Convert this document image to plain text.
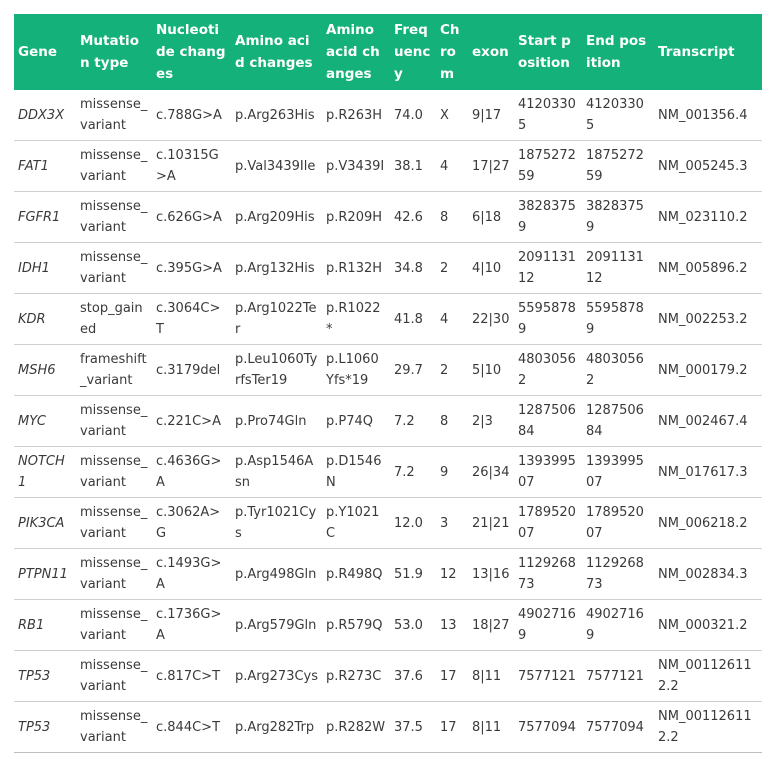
Gene	Mutation type	Nucleotide changes	Amino acid changes	Amino acid changes	Frequency	Chrom	exon	Start position	End position	Transcript

DDX3X	missense_variant	c.788G>A	p.Arg263His	p.R263H	74.0	X	9|17	41203305	41203305	NM_001356.4
FAT1	missense_variant	c.10315G>A	p.Val3439Ile	p.V3439I	38.1	4	17|27	187527259	187527259	NM_005245.3
FGFR1	missense_variant	c.626G>A	p.Arg209His	p.R209H	42.6	8	6|18	38283759	38283759	NM_023110.2
IDH1	missense_variant	c.395G>A	p.Arg132His	p.R132H	34.8	2	4|10	209113112	209113112	NM_005896.2
KDR	stop_gained	c.3064C>T	p.Arg1022Ter	p.R1022*	41.8	4	22|30	55958789	55958789	NM_002253.2
MSH6	frameshift_variant	c.3179del	p.Leu1060TyrfsTer19	p.L1060Yfs*19	29.7	2	5|10	48030562	48030562	NM_000179.2
MYC	missense_variant	c.221C>A	p.Pro74Gln	p.P74Q	7.2	8	2|3	128750684	128750684	NM_002467.4
NOTCH1	missense_variant	c.4636G>A	p.Asp1546Asn	p.D1546N	7.2	9	26|34	139399507	139399507	NM_017617.3
PIK3CA	missense_variant	c.3062A>G	p.Tyr1021Cys	p.Y1021C	12.0	3	21|21	178952007	178952007	NM_006218.2
PTPN11	missense_variant	c.1493G>A	p.Arg498Gln	p.R498Q	51.9	12	13|16	112926873	112926873	NM_002834.3
RB1	missense_variant	c.1736G>A	p.Arg579Gln	p.R579Q	53.0	13	18|27	49027169	49027169	NM_000321.2
TP53	missense_variant	c.817C>T	p.Arg273Cys	p.R273C	37.6	17	8|11	7577121	7577121	NM_001126112.2
TP53	missense_variant	c.844C>T	p.Arg282Trp	p.R282W	37.5	17	8|11	7577094	7577094	NM_001126112.2
